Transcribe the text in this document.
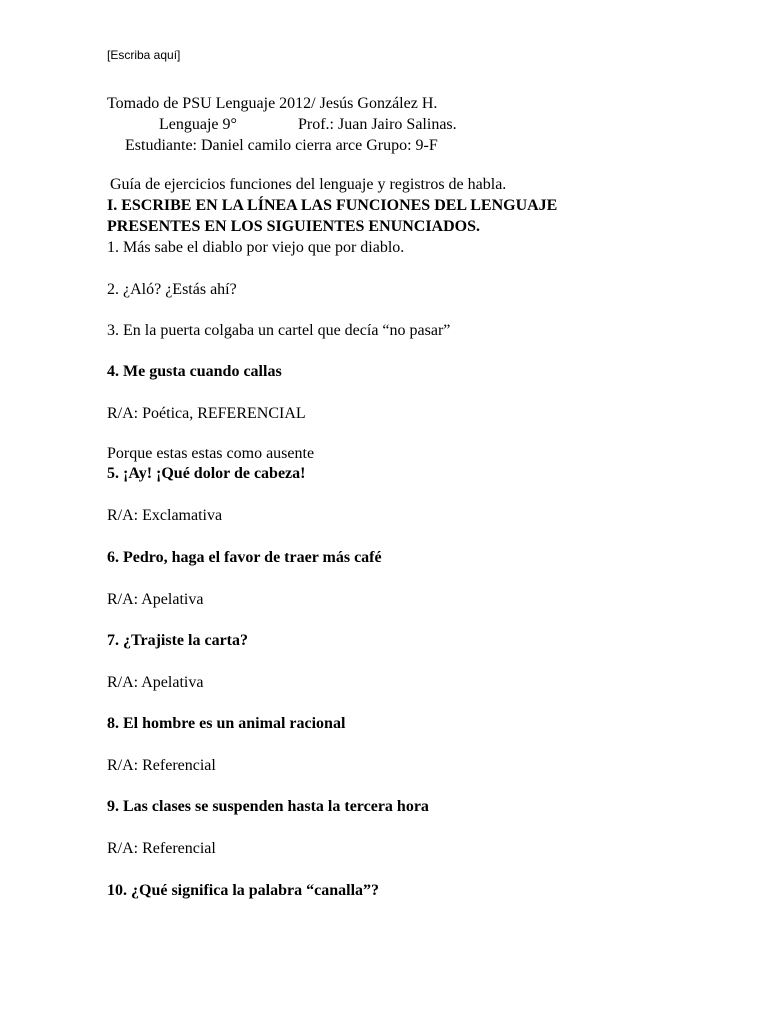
[Escriba aquí]
Tomado de PSU Lenguaje 2012/ Jesús González H.
Lenguaje 9°	Prof.: Juan Jairo Salinas.
Estudiante: Daniel camilo cierra arce Grupo: 9-F
Guía de ejercicios funciones del lenguaje y registros de habla.
I. ESCRIBE EN LA LÍNEA LAS FUNCIONES DEL LENGUAJE
PRESENTES EN LOS SIGUIENTES ENUNCIADOS.
1. Más sabe el diablo por viejo que por diablo.
2. ¿Aló? ¿Estás ahí?
3. En la puerta colgaba un cartel que decía “no pasar”
4. Me gusta cuando callas
R/A: Poética, REFERENCIAL
Porque estas estas como ausente
5. ¡Ay! ¡Qué dolor de cabeza!
R/A: Exclamativa
6. Pedro, haga el favor de traer más café
R/A: Apelativa
7. ¿Trajiste la carta?
R/A: Apelativa
8. El hombre es un animal racional
R/A: Referencial
9. Las clases se suspenden hasta la tercera hora
R/A: Referencial
10. ¿Qué significa la palabra “canalla”?
